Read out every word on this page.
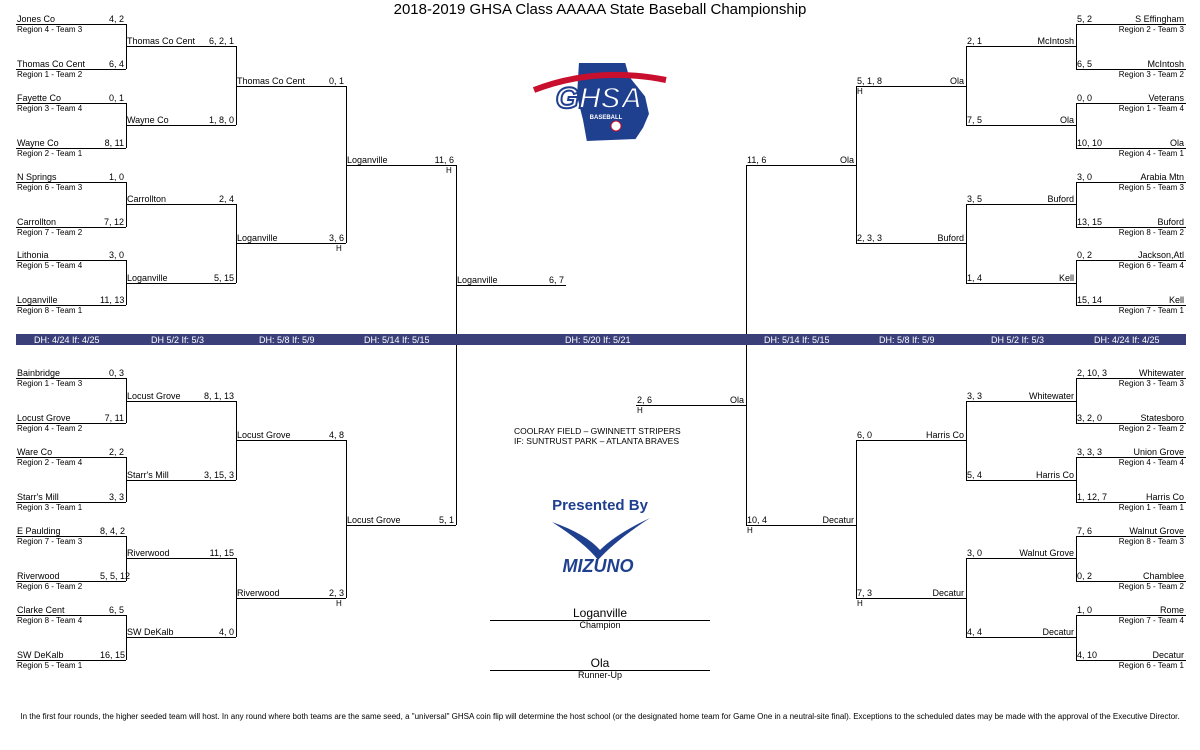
2018-2019 GHSA Class AAAAA State Baseball Championship
Jones Co	4, 2
Region 4 - Team 3
Thomas Co Cent	6, 4
Region 1 - Team 2
Fayette Co	0, 1
Region 3 - Team 4
Wayne Co	8, 11
Region 2 - Team 1
N Springs	1, 0
Region 6 - Team 3
Carrollton	7, 12
Region 7 - Team 2
Lithonia	3, 0
Region 5 - Team 4
Loganville	11, 13
Region 8 - Team 1
Bainbridge	0, 3
Region 1 - Team 3
Locust Grove	7, 11
Region 4 - Team 2
Ware Co	2, 2
Region 2 - Team 4
Starr's Mill	3, 3
Region 3 - Team 1
E Paulding	8, 4, 2
Region 7 - Team 3
Riverwood	5, 5, 12
Region 6 - Team 2
Clarke Cent	6, 5
Region 8 - Team 4
SW DeKalb	16, 15
Region 5 - Team 1
Thomas Co Cent	6, 2, 1
Wayne Co	1, 8, 0
Carrollton	2, 4
Loganville	5, 15
Locust Grove	8, 1, 13
Starr's Mill	3, 15, 3
Riverwood	11, 15
SW DeKalb	4, 0
Thomas Co Cent	0, 1
Loganville	3, 6
H
Locust Grove	4, 8
Riverwood	2, 3
H
Loganville	11, 6
H
Locust Grove	5, 1
S Effingham
5, 2
Region 2 - Team 3
McIntosh
6, 5
Region 3 - Team 2
Veterans
0, 0
Region 1 - Team 4
Ola
10, 10
Region 4 - Team 1
Arabia Mtn
3, 0
Region 5 - Team 3
Buford
13, 15
Region 8 - Team 2
Jackson,Atl
0, 2
Region 6 - Team 4
Kell
15, 14
Region 7 - Team 1
Whitewater
2, 10, 3
Region 3 - Team 3
Statesboro
3, 2, 0
Region 2 - Team 2
Union Grove
3, 3, 3
Region 4 - Team 4
Harris Co
1, 12, 7
Region 1 - Team 1
Walnut Grove
7, 6
Region 8 - Team 3
Chamblee
0, 2
Region 5 - Team 2
Rome
1, 0
Region 7 - Team 4
Decatur
4, 10
Region 6 - Team 1
McIntosh
2, 1
Ola
7, 5
Buford
3, 5
Kell
1, 4
Whitewater
3, 3
Harris Co
5, 4
Walnut Grove
3, 0
Decatur
4, 4
Ola
5, 1, 8
H
Buford
2, 3, 3
Harris Co
6, 0
Decatur
7, 3
H
Ola
11, 6
Decatur
10, 4
H
Loganville	6, 7
Ola
2, 6
H
GHSA
BASEBALL
COOLRAY FIELD – GWINNETT STRIPERS
IF: SUNTRUST PARK – ATLANTA BRAVES
Presented By
MIZUNO
Loganville
Champion
Ola
Runner-Up
In the first four rounds, the higher seeded team will host. In any round where both teams are the same seed, a "universal" GHSA coin flip will determine the host school (or the designated home team for Game One in a neutral-site final). Exceptions to the scheduled dates may be made with the approval of the Executive Director.
DH: 4/24 If: 4/25	DH 5/2 If: 5/3	DH: 5/8 If: 5/9	DH: 5/14 If: 5/15	DH: 5/20 If: 5/21	DH: 5/14 If: 5/15	DH: 5/8 If: 5/9	DH 5/2 If: 5/3	DH: 4/24 If: 4/25
